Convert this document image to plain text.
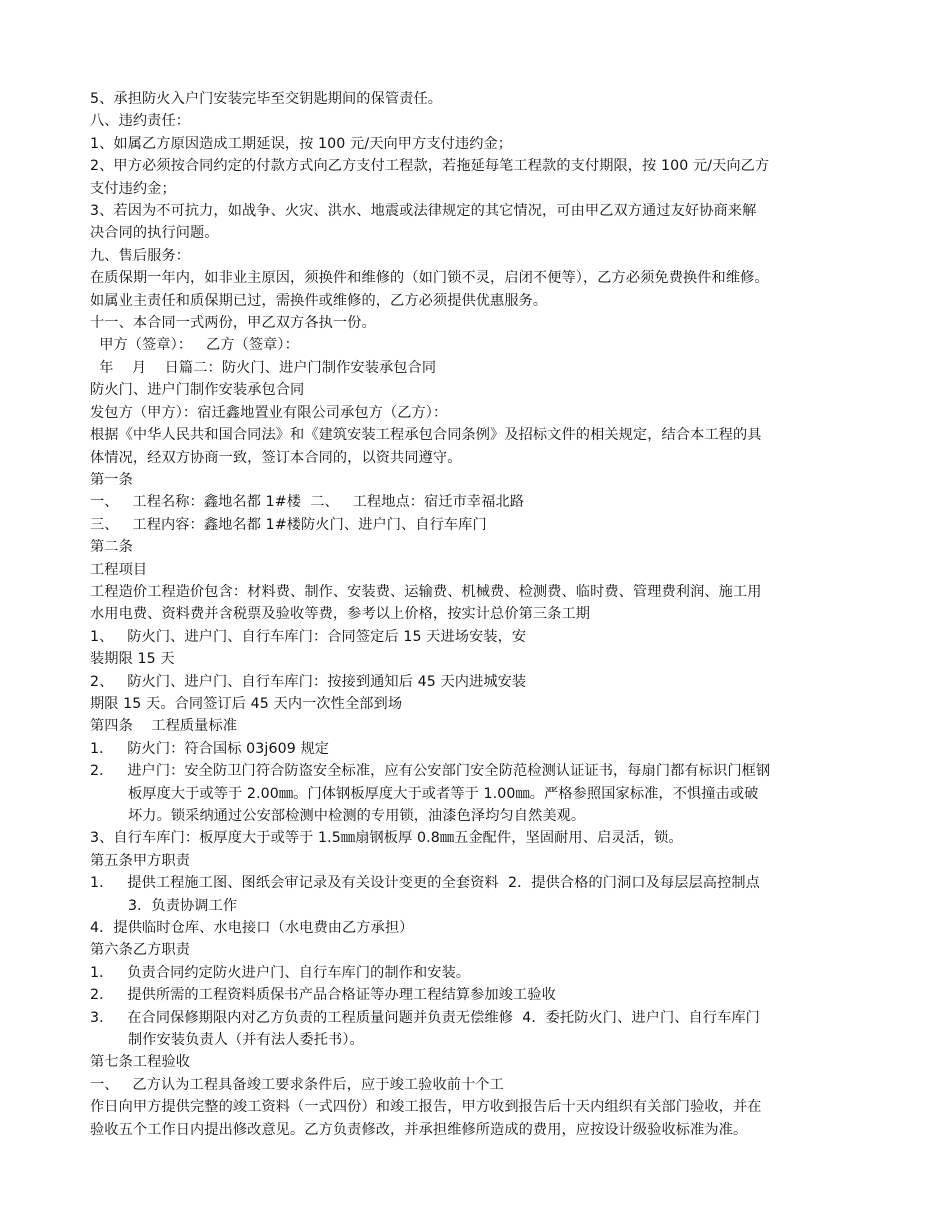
5、承担防火入户门安装完毕至交钥匙期间的保管责任。
八、违约责任：
1、如属乙方原因造成工期延误，按 100 元/天向甲方支付违约金；
2、甲方必须按合同约定的付款方式向乙方支付工程款，若拖延每笔工程款的支付期限，按 100 元/天向乙方
支付违约金；
3、若因为不可抗力，如战争、火灾、洪水、地震或法律规定的其它情况，可由甲乙双方通过友好协商来解
决合同的执行问题。
九、售后服务：
在质保期一年内，如非业主原因，须换件和维修的（如门锁不灵，启闭不便等），乙方必须免费换件和维修。
如属业主责任和质保期已过，需换件或维修的，乙方必须提供优惠服务。
十一、本合同一式两份，甲乙双方各执一份。
甲方（签章）：   乙方（签章）：
年    月    日篇二：防火门、进户门制作安装承包合同
防火门、进户门制作安装承包合同
发包方（甲方）：宿迁鑫地置业有限公司承包方（乙方）：
根据《中华人民共和国合同法》和《建筑安装工程承包合同条例》及招标文件的相关规定，结合本工程的具
体情况，经双方协商一致，签订本合同的，以资共同遵守。
第一条
一、   工程名称：鑫地名都 1#楼  二、   工程地点：宿迁市幸福北路
三、   工程内容：鑫地名都 1#楼防火门、进户门、自行车库门
第二条
工程项目
工程造价工程造价包含：材料费、制作、安装费、运输费、机械费、检测费、临时费、管理费利润、施工用
水用电费、资料费并含税票及验收等费，参考以上价格，按实计总价第三条工期
1、   防火门、进户门、自行车库门：合同签定后 15 天进场安装，安
装期限 15 天
2、   防火门、进户门、自行车库门：按接到通知后 45 天内进城安装
期限 15 天。合同签订后 45 天内一次性全部到场
第四条    工程质量标准
1．   防火门：符合国标 03j609 规定
2．   进户门：安全防卫门符合防盗安全标准，应有公安部门安全防范检测认证证书，每扇门都有标识门框钢
板厚度大于或等于 2.00㎜。门体钢板厚度大于或者等于 1.00㎜。严格参照国家标准，不惧撞击或破
坏力。锁采纳通过公安部检测中检测的专用锁，油漆色泽均匀自然美观。
3、自行车库门：板厚度大于或等于 1.5㎜扇钢板厚 0.8㎜五金配件，坚固耐用、启灵活，锁。
第五条甲方职责
1．   提供工程施工图、图纸会审记录及有关设计变更的全套资料  2．提供合格的门洞口及每层层高控制点
3．负责协调工作
4．提供临时仓库、水电接口（水电费由乙方承担）
第六条乙方职责
1．   负责合同约定防火进户门、自行车库门的制作和安装。
2．   提供所需的工程资料质保书产品合格证等办理工程结算参加竣工验收
3．   在合同保修期限内对乙方负责的工程质量问题并负责无偿维修  4．委托防火门、进户门、自行车库门
制作安装负责人（并有法人委托书）。
第七条工程验收
一、   乙方认为工程具备竣工要求条件后，应于竣工验收前十个工
作日向甲方提供完整的竣工资料（一式四份）和竣工报告，甲方收到报告后十天内组织有关部门验收，并在
验收五个工作日内提出修改意见。乙方负责修改，并承担维修所造成的费用，应按设计级验收标准为准。
